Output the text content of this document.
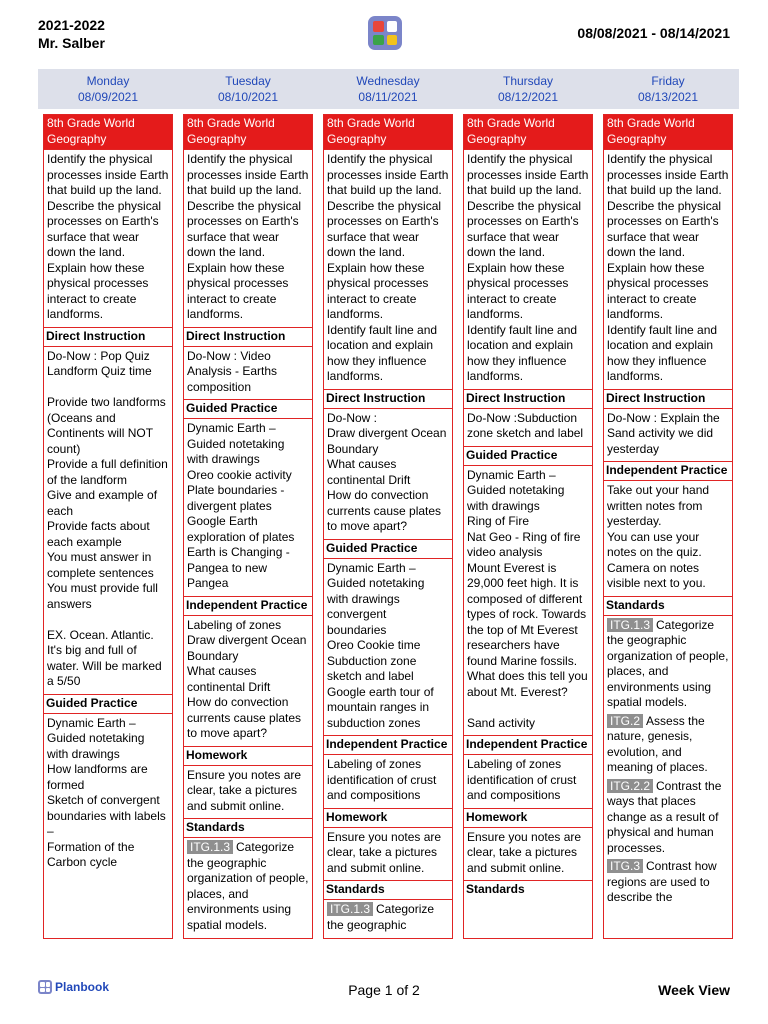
2021-2022
Mr. Salber
08/08/2021 - 08/14/2021
Monday
08/09/2021
Tuesday
08/10/2021
Wednesday
08/11/2021
Thursday
08/12/2021
Friday
08/13/2021
8th Grade World Geography
Identify the physical processes inside Earth that build up the land.
Describe the physical processes on Earth's surface that wear down the land.
Explain how these physical processes interact to create landforms.
Direct Instruction
Do-Now : Pop Quiz
Landform Quiz time

Provide two landforms (Oceans and Continents will NOT count)
Provide a full definition of the landform
Give and example of each
Provide facts about each example
You must answer in complete sentences
You must provide full answers

EX. Ocean. Atlantic. It's big and full of water. Will be marked a 5/50

Guided Practice
Dynamic Earth – Guided notetaking with drawings
How landforms are formed
Sketch of convergent boundaries with labels –
Formation of the Carbon cycle
8th Grade World Geography
Identify the physical processes inside Earth that build up the land.
Describe the physical processes on Earth's surface that wear down the land.
Explain how these physical processes interact to create landforms.
Direct Instruction
Do-Now : Video Analysis - Earths composition
Guided Practice
Dynamic Earth – Guided notetaking with drawings
Oreo cookie activity
Plate boundaries - divergent plates
Google Earth exploration of plates
Earth is Changing - Pangea to new Pangea
Independent Practice
Labeling of zones
Draw divergent Ocean Boundary
What causes continental Drift
How do convection currents cause plates to move apart?
Homework
Ensure you notes are clear, take a pictures and submit online.
Standards
ITG.1.3 Categorize the geographic organization of people, places, and environments using spatial models.
8th Grade World Geography
Identify the physical processes inside Earth that build up the land.
Describe the physical processes on Earth's surface that wear down the land.
Explain how these physical processes interact to create landforms.
Identify fault line and location and explain how they influence landforms.
Direct Instruction
Do-Now :
Draw divergent Ocean Boundary
What causes continental Drift
How do convection currents cause plates to move apart?
Guided Practice
Dynamic Earth – Guided notetaking with drawings
convergent boundaries
Oreo Cookie time
Subduction zone sketch and label
Google earth tour of mountain ranges in subduction zones
Independent Practice
Labeling of zones identification of crust and compositions
Homework
Ensure you notes are clear, take a pictures and submit online.
Standards
ITG.1.3 Categorize the geographic
8th Grade World Geography
Identify the physical processes inside Earth that build up the land.
Describe the physical processes on Earth's surface that wear down the land.
Explain how these physical processes interact to create landforms.
Identify fault line and location and explain how they influence landforms.
Direct Instruction
Do-Now :Subduction zone sketch and label
Guided Practice
Dynamic Earth – Guided notetaking with drawings
Ring of Fire
Nat Geo - Ring of fire video analysis
Mount Everest is 29,000 feet high. It is composed of different types of rock. Towards the top of Mt Everest researchers have found Marine fossils. What does this tell you about Mt. Everest?

Sand activity
Independent Practice
Labeling of zones identification of crust and compositions
Homework
Ensure you notes are clear, take a pictures and submit online.
Standards
8th Grade World Geography
Identify the physical processes inside Earth that build up the land.
Describe the physical processes on Earth's surface that wear down the land.
Explain how these physical processes interact to create landforms.
Identify fault line and location and explain how they influence landforms.
Direct Instruction
Do-Now : Explain the Sand activity we did yesterday

Independent Practice
Take out your hand written notes from yesterday.
You can use your notes on the quiz. Camera on notes visible next to you.
Standards
ITG.1.3 Categorize the geographic organization of people, places, and environments using spatial models.
ITG.2 Assess the nature, genesis, evolution, and meaning of places.
ITG.2.2 Contrast the ways that places change as a result of physical and human processes.
ITG.3 Contrast how regions are used to describe the
Planbook	Page 1 of 2	Week View
